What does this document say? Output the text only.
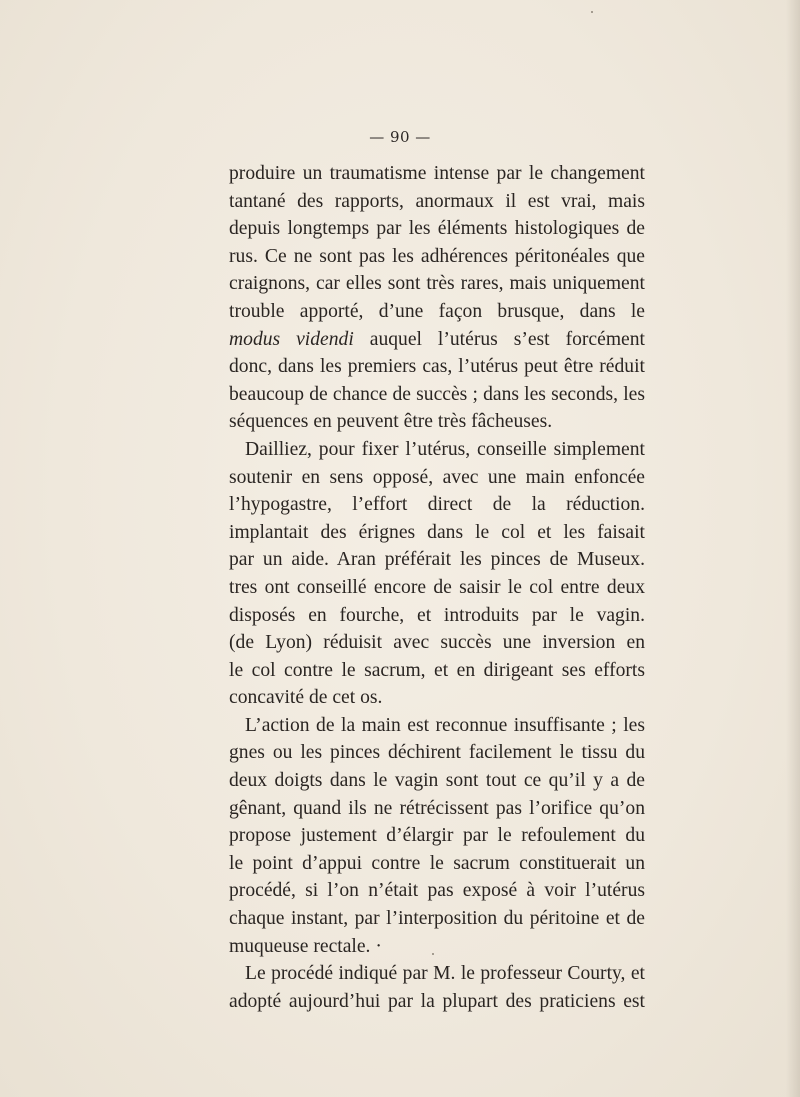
— 90 —
produire un traumatisme intense par le changement
tantané des rapports, anormaux il est vrai, mais
depuis longtemps par les éléments histologiques de
rus. Ce ne sont pas les adhérences péritonéales que
craignons, car elles sont très rares, mais uniquement
trouble apporté, d’une façon brusque, dans le
modus videndi auquel l’utérus s’est forcément
donc, dans les premiers cas, l’utérus peut être réduit
beaucoup de chance de succès ; dans les seconds, les
séquences en peuvent être très fâcheuses.
Dailliez, pour fixer l’utérus, conseille simplement
soutenir en sens opposé, avec une main enfoncée
l’hypogastre, l’effort direct de la réduction.
implantait des érignes dans le col et les faisait
par un aide. Aran préférait les pinces de Museux.
tres ont conseillé encore de saisir le col entre deux
disposés en fourche, et introduits par le vagin.
(de Lyon) réduisit avec succès une inversion en
le col contre le sacrum, et en dirigeant ses efforts
concavité de cet os.
L’action de la main est reconnue insuffisante ; les
gnes ou les pinces déchirent facilement le tissu du
deux doigts dans le vagin sont tout ce qu’il y a de
gênant, quand ils ne rétrécissent pas l’orifice qu’on
propose justement d’élargir par le refoulement du
le point d’appui contre le sacrum constituerait un
procédé, si l’on n’était pas exposé à voir l’utérus
chaque instant, par l’interposition du péritoine et de
muqueuse rectale. ·
Le procédé indiqué par M. le professeur Courty, et
adopté aujourd’hui par la plupart des praticiens est
